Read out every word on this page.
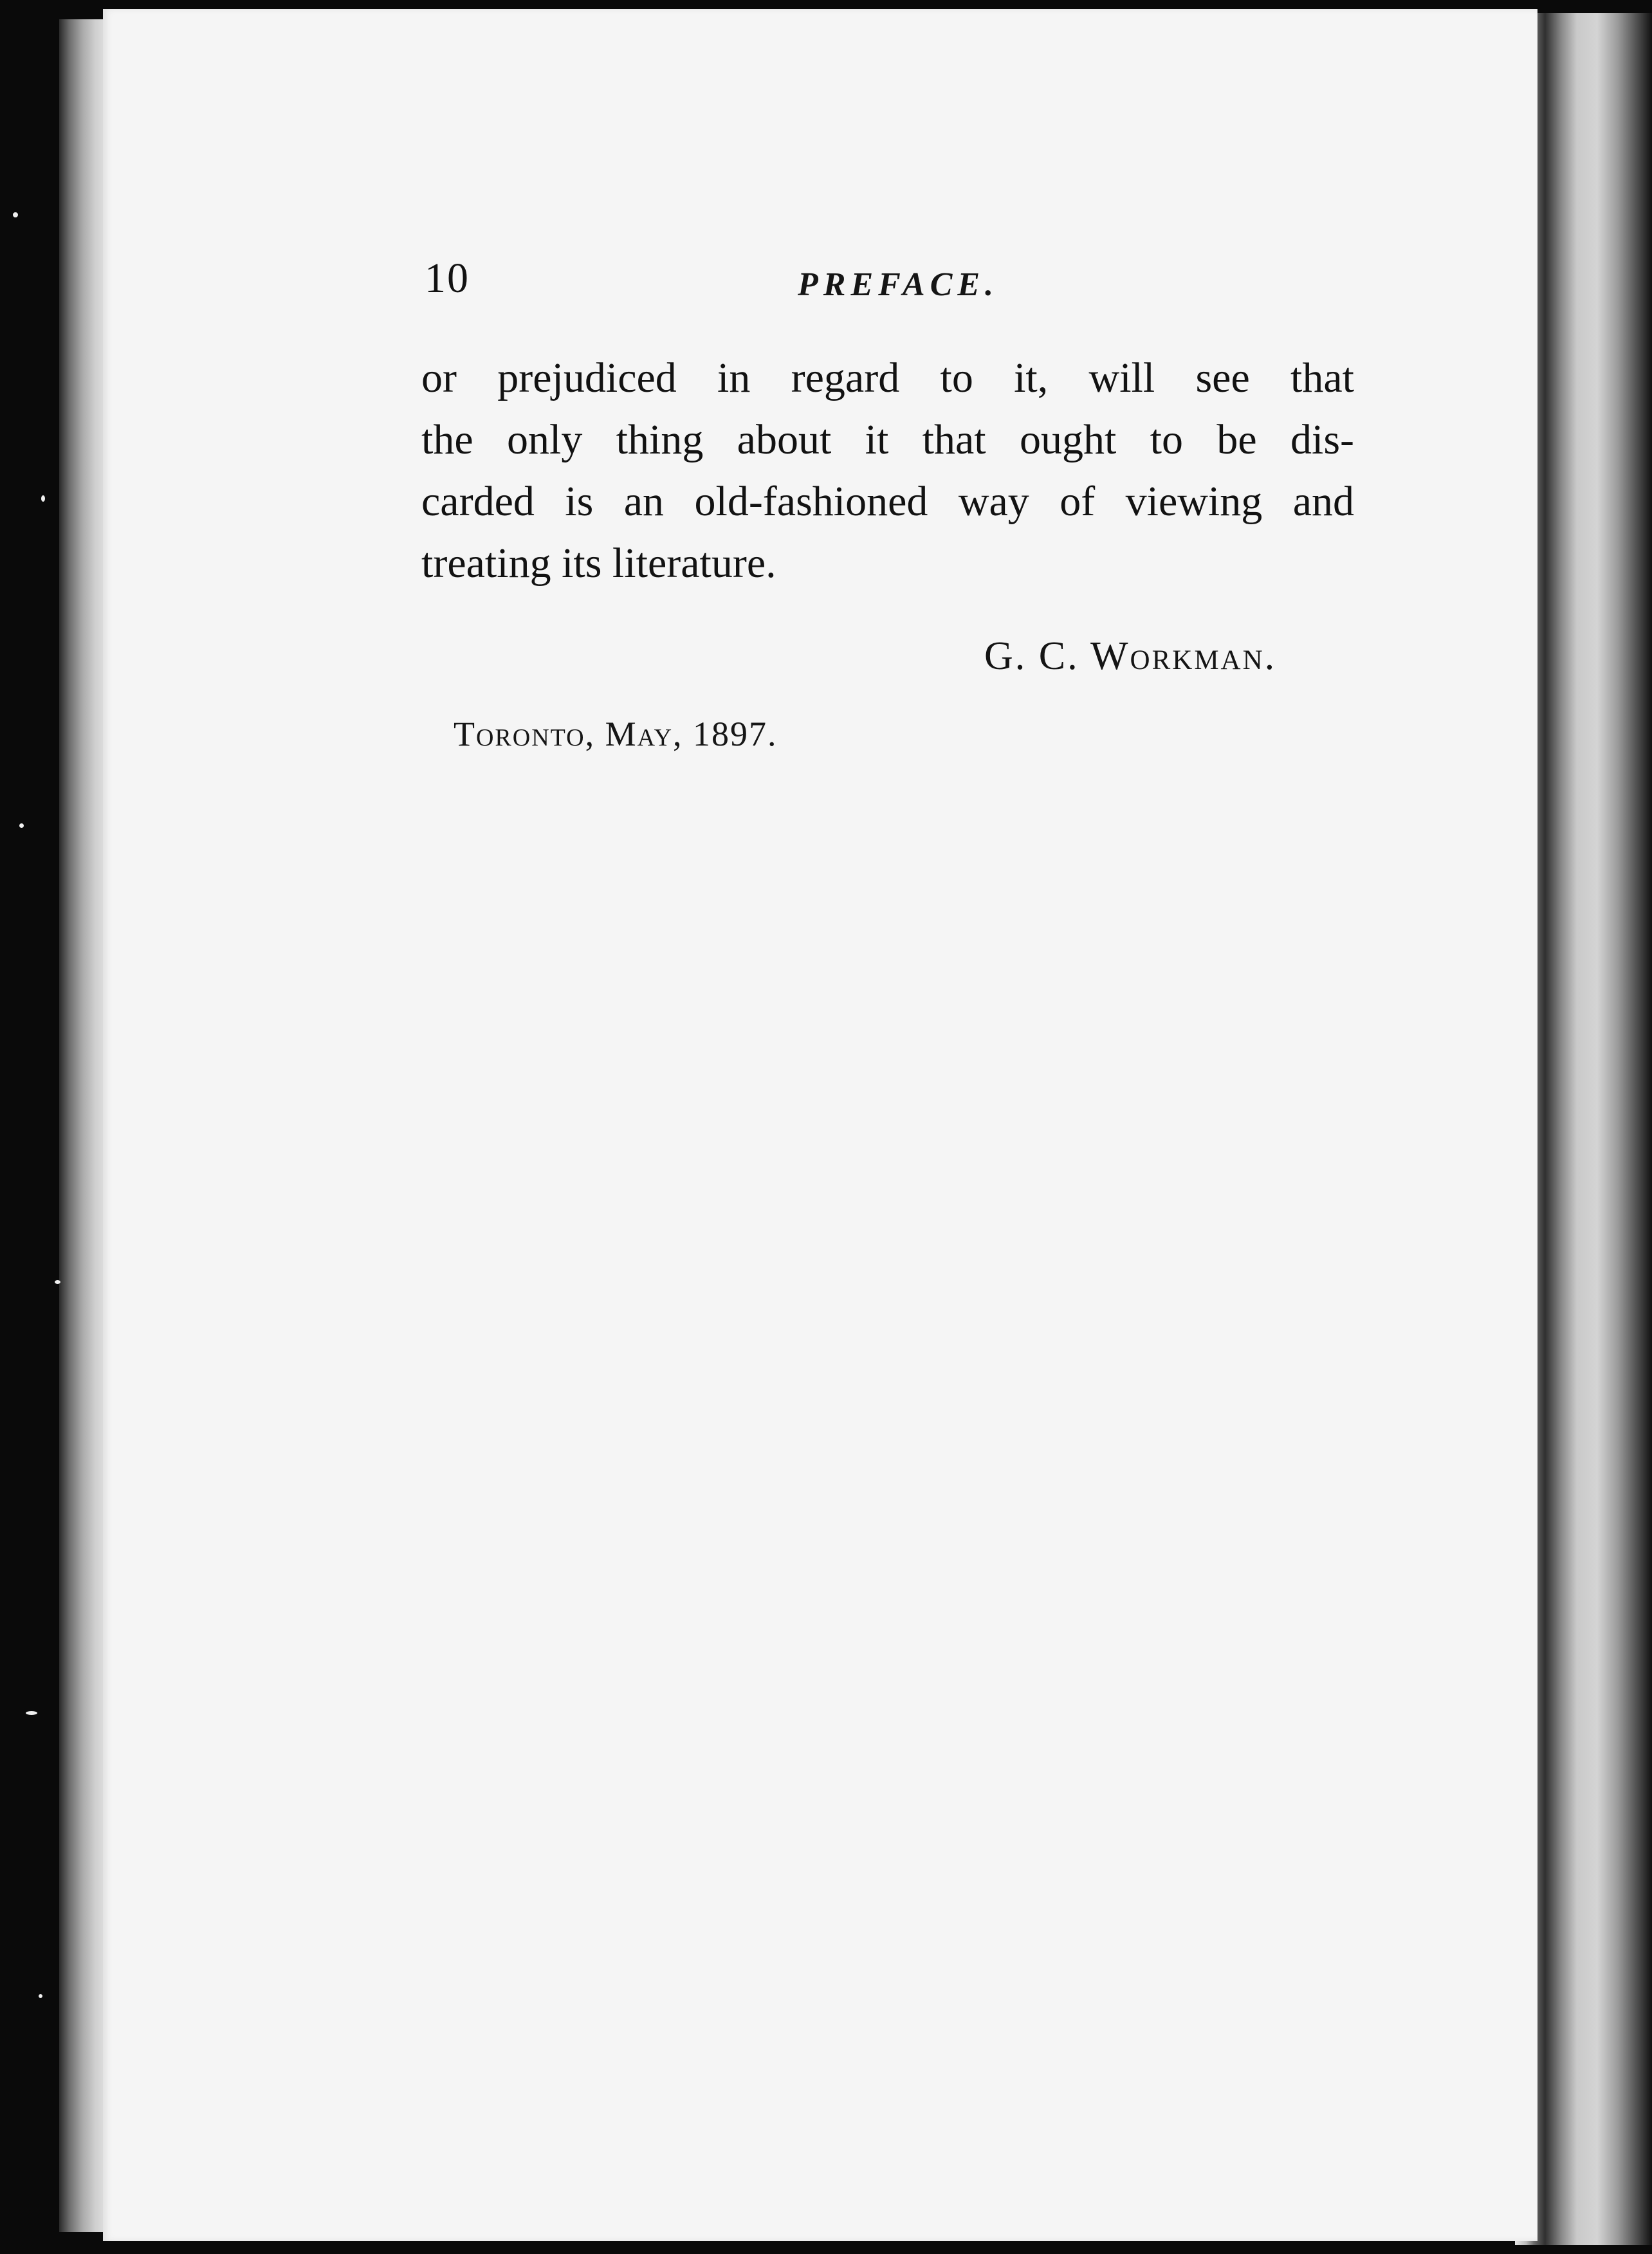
10	PREFACE.
or prejudiced in regard to it, will see that
the only thing about it that ought to be dis-
carded is an old-fashioned way of viewing and
treating its literature.
G. C. Workman.
Toronto, May, 1897.
